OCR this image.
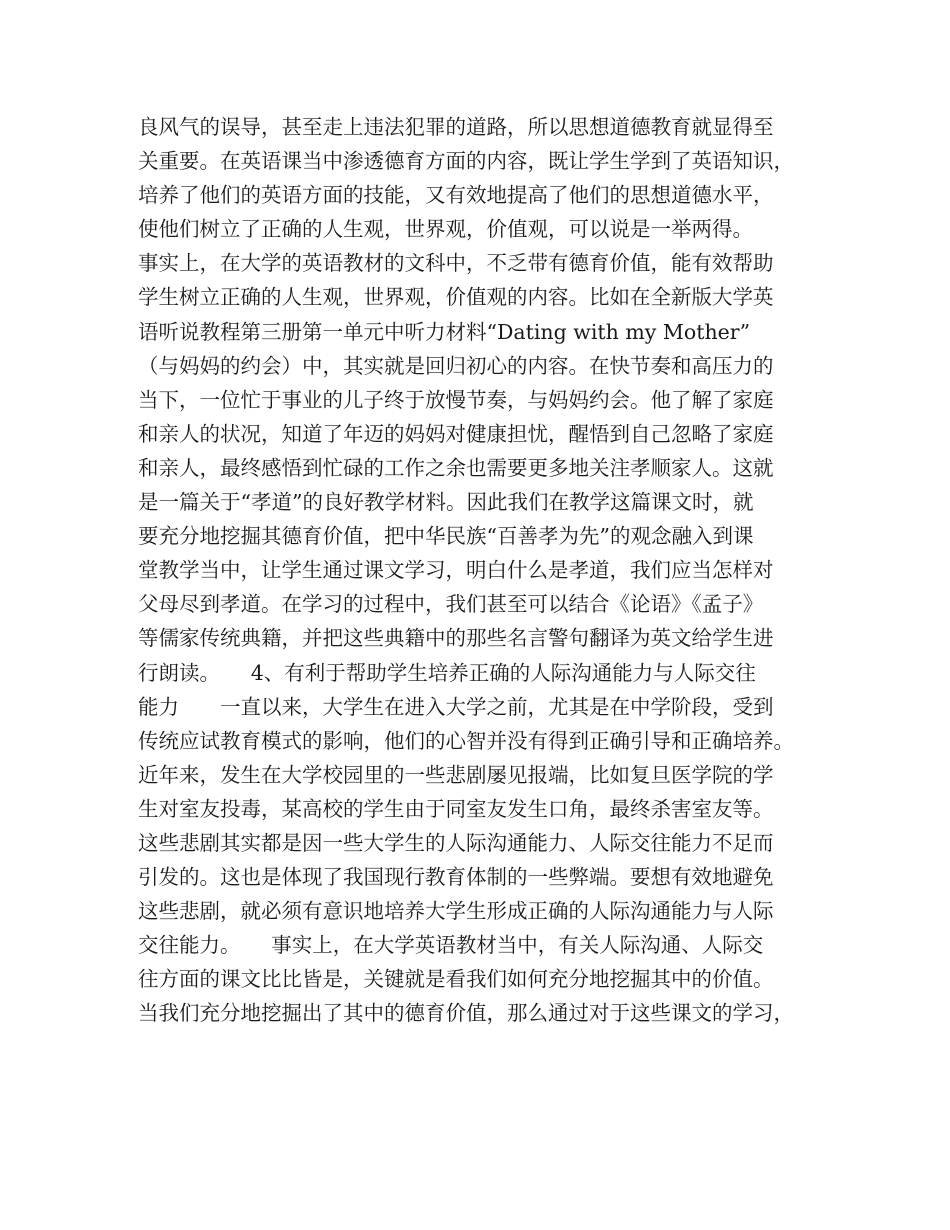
良风气的误导，甚至走上违法犯罪的道路，所以思想道德教育就显得至
关重要。在英语课当中渗透德育方面的内容，既让学生学到了英语知识，
培养了他们的英语方面的技能，又有效地提高了他们的思想道德水平，
使他们树立了正确的人生观，世界观，价值观，可以说是一举两得。
事实上，在大学的英语教材的文科中，不乏带有德育价值，能有效帮助
学生树立正确的人生观，世界观，价值观的内容。比如在全新版大学英
语听说教程第三册第一单元中听力材料“Dating with my Mother”
（与妈妈的约会）中，其实就是回归初心的内容。在快节奏和高压力的
当下，一位忙于事业的儿子终于放慢节奏，与妈妈约会。他了解了家庭
和亲人的状况，知道了年迈的妈妈对健康担忧，醒悟到自己忽略了家庭
和亲人，最终感悟到忙碌的工作之余也需要更多地关注孝顺家人。这就
是一篇关于“孝道”的良好教学材料。因此我们在教学这篇课文时，就
要充分地挖掘其德育价值，把中华民族“百善孝为先”的观念融入到课
堂教学当中，让学生通过课文学习，明白什么是孝道，我们应当怎样对
父母尽到孝道。在学习的过程中，我们甚至可以结合《论语》《孟子》
等儒家传统典籍，并把这些典籍中的那些名言警句翻译为英文给学生进
行朗读。　　4、有利于帮助学生培养正确的人际沟通能力与人际交往
能力　　一直以来，大学生在进入大学之前，尤其是在中学阶段，受到
传统应试教育模式的影响，他们的心智并没有得到正确引导和正确培养。
近年来，发生在大学校园里的一些悲剧屡见报端，比如复旦医学院的学
生对室友投毒，某高校的学生由于同室友发生口角，最终杀害室友等。
这些悲剧其实都是因一些大学生的人际沟通能力、人际交往能力不足而
引发的。这也是体现了我国现行教育体制的一些弊端。要想有效地避免
这些悲剧，就必须有意识地培养大学生形成正确的人际沟通能力与人际
交往能力。　　事实上，在大学英语教材当中，有关人际沟通、人际交
往方面的课文比比皆是，关键就是看我们如何充分地挖掘其中的价值。
当我们充分地挖掘出了其中的德育价值，那么通过对于这些课文的学习，
